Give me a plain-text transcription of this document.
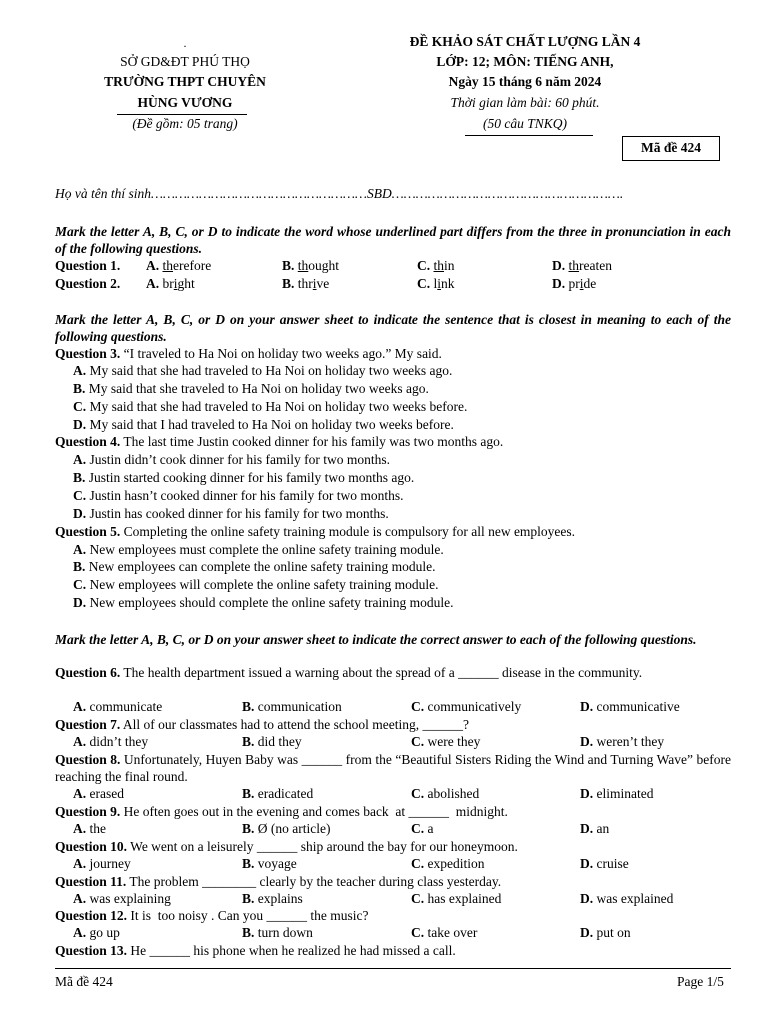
.
SỞ GD&ĐT PHÚ THỌ
TRƯỜNG THPT CHUYÊN
HÙNG VƯƠNG
(Đề gồm: 05 trang)
ĐỀ KHẢO SÁT CHẤT LƯỢNG LẦN 4
LỚP: 12; MÔN: TIẾNG ANH,
Ngày 15 tháng 6 năm 2024
Thời gian làm bài: 60 phút.
(50 câu TNKQ)
Mã đề 424
Họ và tên thí sinh………………………………………………SBD………………………………………………….
Mark the letter A, B, C, or D to indicate the word whose underlined part differs from the three in pronunciation in each of the following questions.
Question 1. A. therefore	B. thought	C. thin	D. threaten
Question 2. A. bright	B. thrive	C. link	D. pride
Mark the letter A, B, C, or D on your answer sheet to indicate the sentence that is closest in meaning to each of the following questions.
Question 3. “I traveled to Ha Noi on holiday two weeks ago.” My said.
A. My said that she had traveled to Ha Noi on holiday two weeks ago.
B. My said that she traveled to Ha Noi on holiday two weeks ago.
C. My said that she had traveled to Ha Noi on holiday two weeks before.
D. My said that I had traveled to Ha Noi on holiday two weeks before.
Question 4. The last time Justin cooked dinner for his family was two months ago.
A. Justin didn’t cook dinner for his family for two months.
B. Justin started cooking dinner for his family two months ago.
C. Justin hasn’t cooked dinner for his family for two months.
D. Justin has cooked dinner for his family for two months.
Question 5. Completing the online safety training module is compulsory for all new employees.
A. New employees must complete the online safety training module.
B. New employees can complete the online safety training module.
C. New employees will complete the online safety training module.
D. New employees should complete the online safety training module.
Mark the letter A, B, C, or D on your answer sheet to indicate the correct answer to each of the following questions.
Question 6. The health department issued a warning about the spread of a ______ disease in the community.
A. communicate	B. communication	C. communicatively	D. communicative
Question 7. All of our classmates had to attend the school meeting, ______?
A. didn’t they	B. did they	C. were they	D. weren’t they
Question 8. Unfortunately, Huyen Baby was ______ from the “Beautiful Sisters Riding the Wind and Turning Wave” before reaching the final round.
A. erased	B. eradicated	C. abolished	D. eliminated
Question 9. He often goes out in the evening and comes back  at ______  midnight.
A. the	B. Ø (no article)	C. a	D. an
Question 10. We went on a leisurely ______ ship around the bay for our honeymoon.
A. journey	B. voyage	C. expedition	D. cruise
Question 11. The problem ________ clearly by the teacher during class yesterday.
A. was explaining	B. explains	C. has explained	D. was explained
Question 12. It is  too noisy . Can you ______ the music?
A. go up	B. turn down	C. take over	D. put on
Question 13. He ______ his phone when he realized he had missed a call.
Mã đề 424	Page 1/5
